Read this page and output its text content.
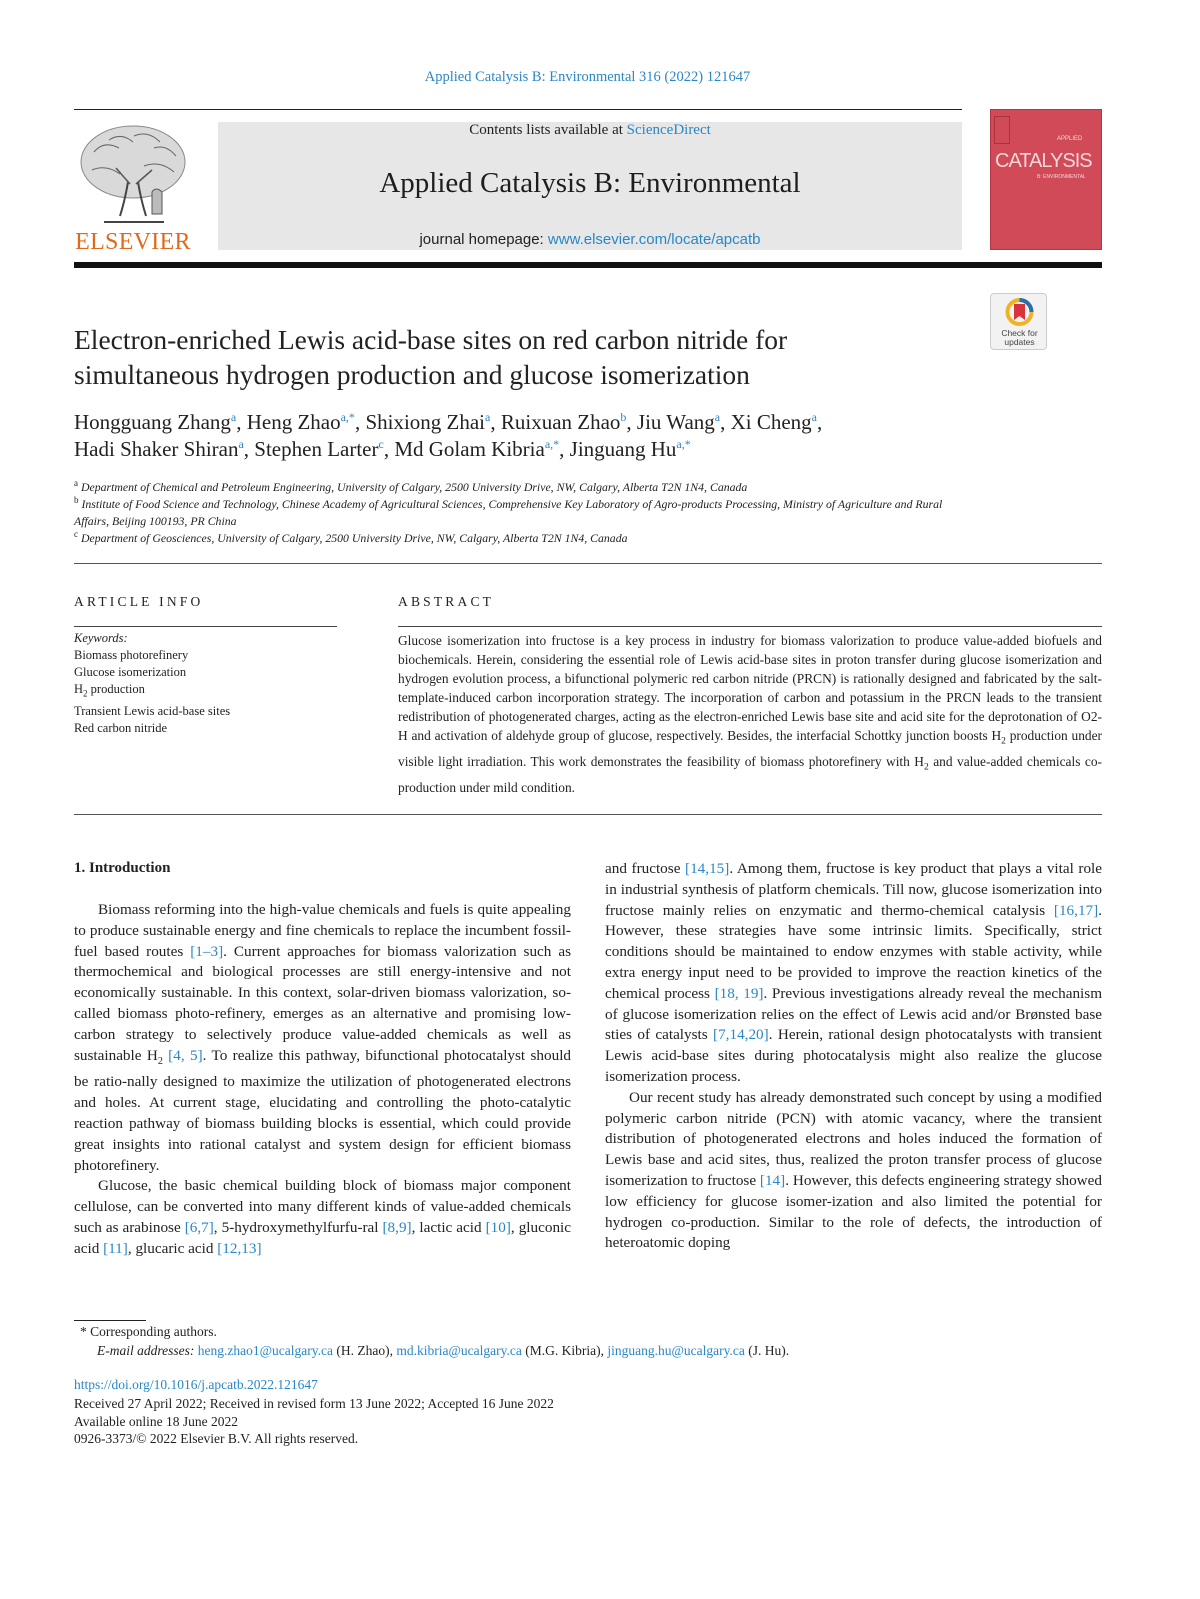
Applied Catalysis B: Environmental 316 (2022) 121647
ELSEVIER
Contents lists available at ScienceDirect
Applied Catalysis B: Environmental
journal homepage: www.elsevier.com/locate/apcatb
APPLIED
CATALYSIS
B: ENVIRONMENTAL
Check for updates
Electron-enriched Lewis acid-base sites on red carbon nitride for
simultaneous hydrogen production and glucose isomerization
Hongguang Zhang$^a$, Heng Zhao$^{a,*}$, Shixiong Zhai$^a$, Ruixuan Zhao$^b$, Jiu Wang$^a$, Xi Cheng$^a$,
Hadi Shaker Shiran$^a$, Stephen Larter$^c$, Md Golam Kibria$^{a,*}$, Jinguang Hu$^{a,*}$
$^a$ Department of Chemical and Petroleum Engineering, University of Calgary, 2500 University Drive, NW, Calgary, Alberta T2N 1N4, Canada
$^b$ Institute of Food Science and Technology, Chinese Academy of Agricultural Sciences, Comprehensive Key Laboratory of Agro-products Processing, Ministry of Agriculture and Rural Affairs, Beijing 100193, PR China
$^c$ Department of Geosciences, University of Calgary, 2500 University Drive, NW, Calgary, Alberta T2N 1N4, Canada
ARTICLE INFO	ABSTRACT
Keywords:
Biomass photorefinery
Glucose isomerization
$H_2$ production
Transient Lewis acid-base sites
Red carbon nitride
Glucose isomerization into fructose is a key process in industry for biomass valorization to produce value-added biofuels and biochemicals. Herein, considering the essential role of Lewis acid-base sites in proton transfer during glucose isomerization and hydrogen evolution process, a bifunctional polymeric red carbon nitride (PRCN) is rationally designed and fabricated by the salt-template-induced carbon incorporation strategy. The incorporation of carbon and potassium in the PRCN leads to the transient redistribution of photogenerated charges, acting as the electron-enriched Lewis base site and acid site for the deprotonation of O2-H and activation of aldehyde group of glucose, respectively. Besides, the interfacial Schottky junction boosts $H_2$ production under visible light irradiation. This work demonstrates the feasibility of biomass photorefinery with $H_2$ and value-added chemicals co-production under mild condition.
1. Introduction

Biomass reforming into the high-value chemicals and fuels is quite appealing to produce sustainable energy and fine chemicals to replace the incumbent fossil-fuel based routes [1–3]. Current approaches for biomass valorization such as thermochemical and biological processes are still energy-intensive and not economically sustainable. In this context, solar-driven biomass valorization, so-called biomass photo-refinery, emerges as an alternative and promising low-carbon strategy to selectively produce value-added chemicals as well as sustainable $H_2$ [4, 5]. To realize this pathway, bifunctional photocatalyst should be ratio-nally designed to maximize the utilization of photogenerated electrons and holes. At current stage, elucidating and controlling the photo-catalytic reaction pathway of biomass building blocks is essential, which could provide great insights into rational catalyst and system design for efficient biomass photorefinery.

Glucose, the basic chemical building block of biomass major component cellulose, can be converted into many different kinds of value-added chemicals such as arabinose [6,7], 5-hydroxymethylfurfu-ral [8,9], lactic acid [10], gluconic acid [11], glucaric acid [12,13]

and fructose [14,15]. Among them, fructose is key product that plays a vital role in industrial synthesis of platform chemicals. Till now, glucose isomerization into fructose mainly relies on enzymatic and thermo-chemical catalysis [16,17]. However, these strategies have some intrinsic limits. Specifically, strict conditions should be maintained to endow enzymes with stable activity, while extra energy input need to be provided to improve the reaction kinetics of the chemical process [18, 19]. Previous investigations already reveal the mechanism of glucose isomerization relies on the effect of Lewis acid and/or Brønsted base sties of catalysts [7,14,20]. Herein, rational design photocatalysts with transient Lewis acid-base sites during photocatalysis might also realize the glucose isomerization process.

Our recent study has already demonstrated such concept by using a modified polymeric carbon nitride (PCN) with atomic vacancy, where the transient distribution of photogenerated electrons and holes induced the formation of Lewis base and acid sites, thus, realized the proton transfer process of glucose isomerization to fructose [14]. However, this defects engineering strategy showed low efficiency for glucose isomer-ization and also limited the potential for hydrogen co-production. Similar to the role of defects, the introduction of heteroatomic doping

* Corresponding authors.
E-mail addresses: heng.zhao1@ucalgary.ca (H. Zhao), md.kibria@ucalgary.ca (M.G. Kibria), jinguang.hu@ucalgary.ca (J. Hu).
https://doi.org/10.1016/j.apcatb.2022.121647
Received 27 April 2022; Received in revised form 13 June 2022; Accepted 16 June 2022
Available online 18 June 2022
0926-3373/© 2022 Elsevier B.V. All rights reserved.
